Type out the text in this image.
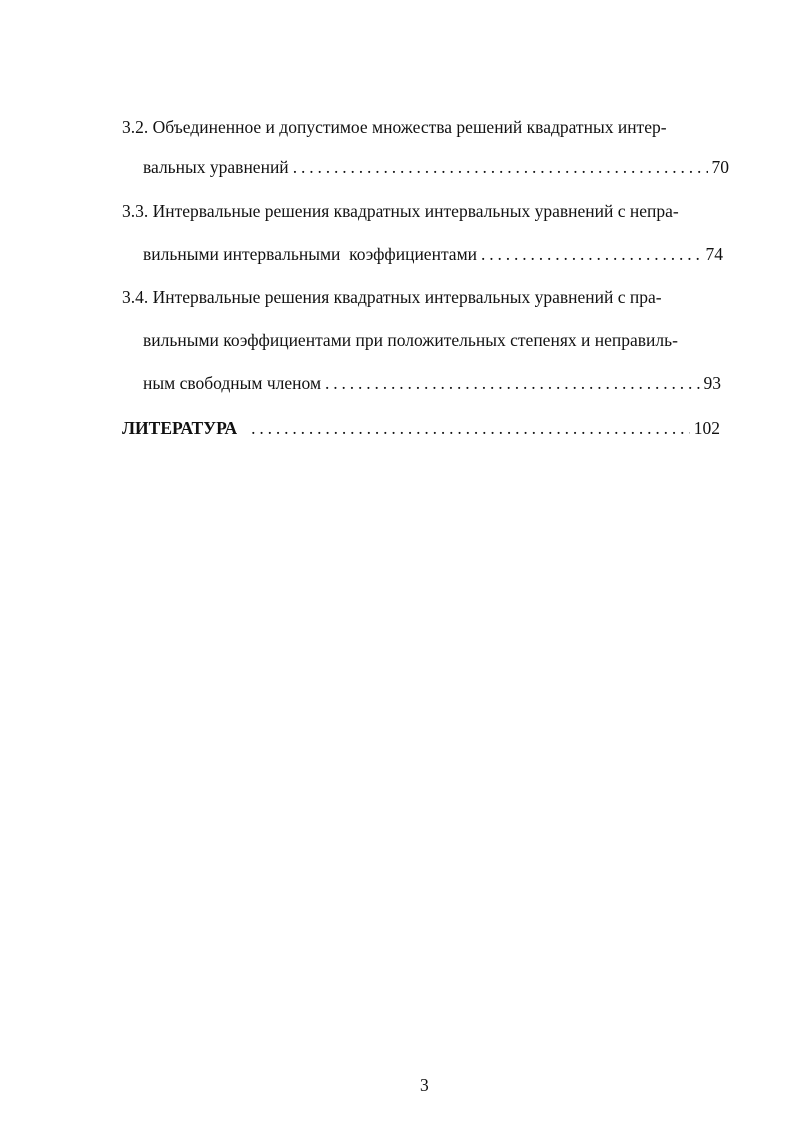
3.2. Объединенное и допустимое множества решений квадратных интер-
вальных уравнений . . .	70
3.3. Интервальные решения квадратных интервальных уравнений с непра-
вильными интервальными  коэффициентами . . .	74
3.4. Интервальные решения квадратных интервальных уравнений с пра-
вильными коэффициентами при положительных степенях и неправиль-
ным свободным членом . . .	93
ЛИТЕРАТУРА . . .	102
3
